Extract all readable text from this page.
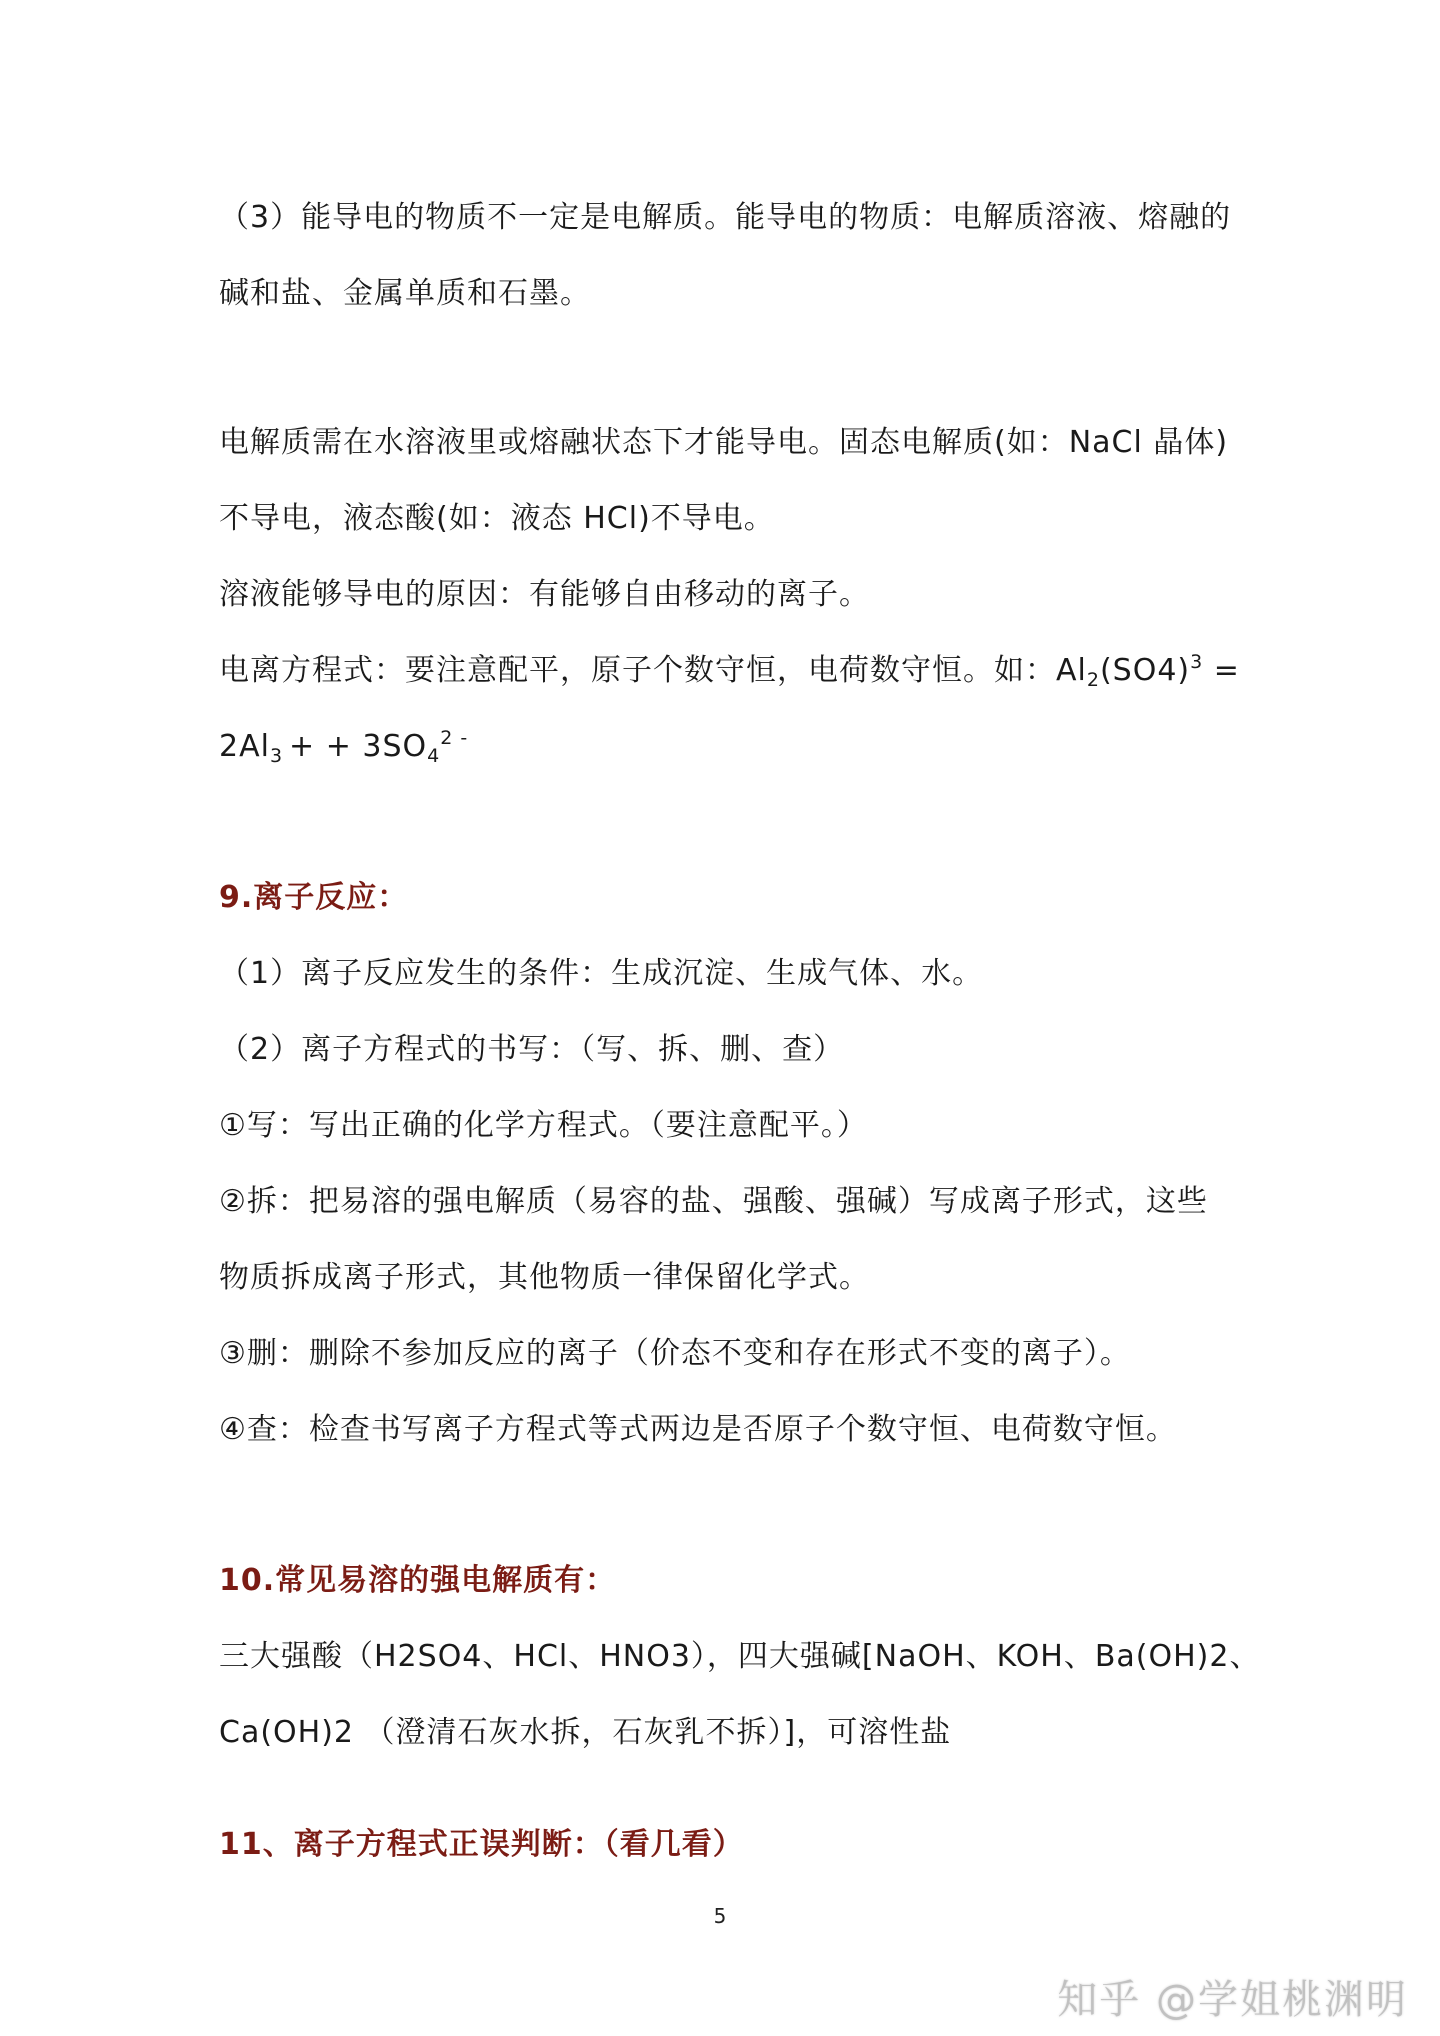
（3）能导电的物质不一定是电解质。能导电的物质：电解质溶液、熔融的
碱和盐、金属单质和石墨。
电解质需在水溶液里或熔融状态下才能导电。固态电解质(如：NaCl 晶体)
不导电，液态酸(如：液态 HCl)不导电。
溶液能够导电的原因：有能够自由移动的离子。
电离方程式：要注意配平，原子个数守恒，电荷数守恒。如：$Al_2(SO4)^3$ =
$2Al_3$ + + $3SO_4^{2 -}$
9.离子反应：
（1）离子反应发生的条件：生成沉淀、生成气体、水。
（2）离子方程式的书写：（写、拆、删、查）
①写：写出正确的化学方程式。（要注意配平。）
②拆：把易溶的强电解质（易容的盐、强酸、强碱）写成离子形式，这些
物质拆成离子形式，其他物质一律保留化学式。
③删：删除不参加反应的离子（价态不变和存在形式不变的离子）。
④查：检查书写离子方程式等式两边是否原子个数守恒、电荷数守恒。
10.常见易溶的强电解质有：
三大强酸（H2SO4、HCl、HNO3），四大强碱[NaOH、KOH、Ba(OH)2、
Ca(OH)2 （澄清石灰水拆，石灰乳不拆）]，可溶性盐
11、离子方程式正误判断：（看几看）
5
知乎 @学姐桃渊明
